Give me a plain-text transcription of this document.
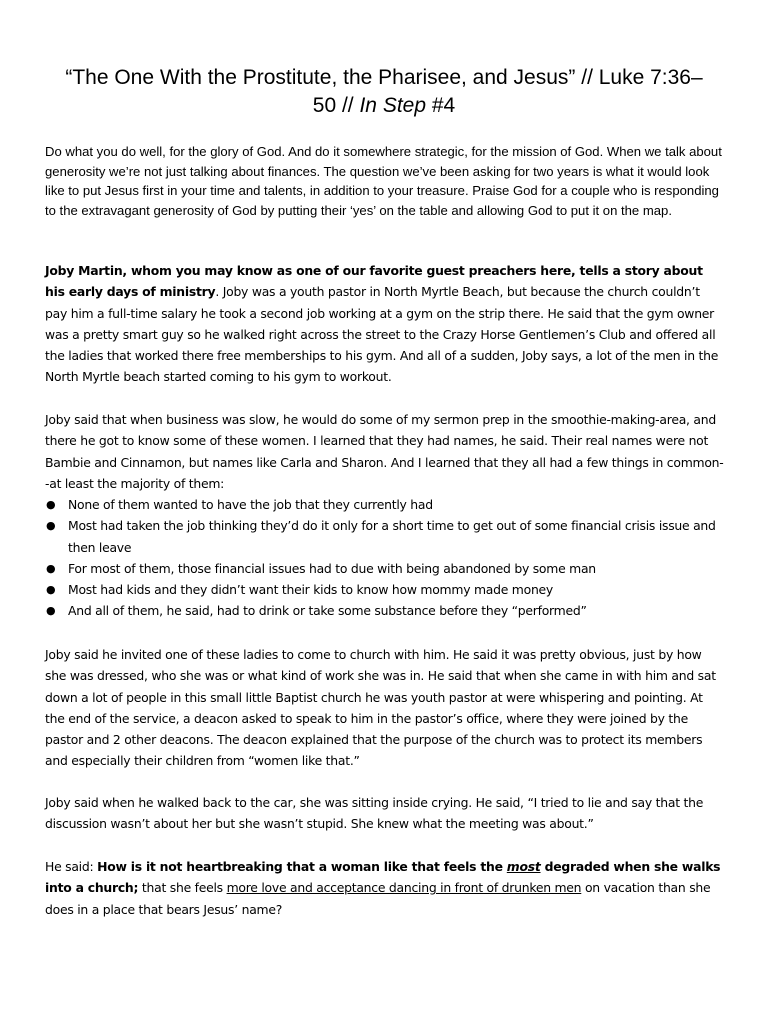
“The One With the Prostitute, the Pharisee, and Jesus” // Luke 7:36–50 // In Step #4

Do what you do well, for the glory of God. And do it somewhere strategic, for the mission of God. When we talk about generosity we’re not just talking about finances. The question we’ve been asking for two years is what it would look like to put Jesus first in your time and talents, in addition to your treasure. Praise God for a couple who is responding to the extravagant generosity of God by putting their ‘yes’ on the table and allowing God to put it on the map.

Joby Martin, whom you may know as one of our favorite guest preachers here, tells a story about his early days of ministry. Joby was a youth pastor in North Myrtle Beach, but because the church couldn’t pay him a full-time salary he took a second job working at a gym on the strip there. He said that the gym owner was a pretty smart guy so he walked right across the street to the Crazy Horse Gentlemen’s Club and offered all the ladies that worked there free memberships to his gym. And all of a sudden, Joby says, a lot of the men in the North Myrtle beach started coming to his gym to workout.

Joby said that when business was slow, he would do some of my sermon prep in the smoothie-making-area, and there he got to know some of these women. I learned that they had names, he said. Their real names were not Bambie and Cinnamon, but names like Carla and Sharon. And I learned that they all had a few things in common--at least the majority of them:

● None of them wanted to have the job that they currently had
● Most had taken the job thinking they’d do it only for a short time to get out of some financial crisis issue and then leave
● For most of them, those financial issues had to due with being abandoned by some man
● Most had kids and they didn’t want their kids to know how mommy made money
● And all of them, he said, had to drink or take some substance before they “performed”

Joby said he invited one of these ladies to come to church with him. He said it was pretty obvious, just by how she was dressed, who she was or what kind of work she was in. He said that when she came in with him and sat down a lot of people in this small little Baptist church he was youth pastor at were whispering and pointing. At the end of the service, a deacon asked to speak to him in the pastor’s office, where they were joined by the pastor and 2 other deacons. The deacon explained that the purpose of the church was to protect its members and especially their children from “women like that.”

Joby said when he walked back to the car, she was sitting inside crying. He said, “I tried to lie and say that the discussion wasn’t about her but she wasn’t stupid. She knew what the meeting was about.”

He said: How is it not heartbreaking that a woman like that feels the most degraded when she walks into a church; that she feels more love and acceptance dancing in front of drunken men on vacation than she does in a place that bears Jesus’ name?
